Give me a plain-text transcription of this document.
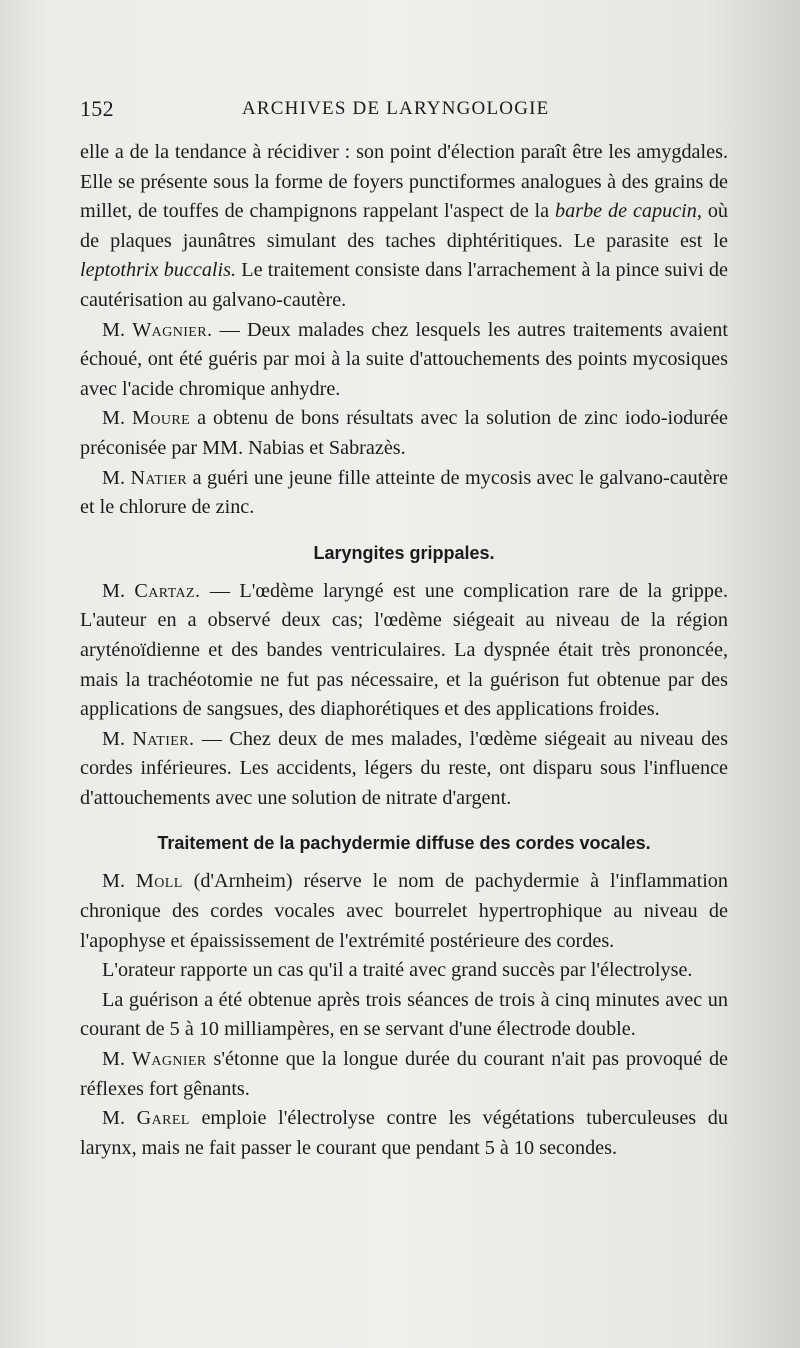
152	ARCHIVES DE LARYNGOLOGIE

elle a de la tendance à récidiver : son point d'élection paraît être les amygdales. Elle se présente sous la forme de foyers punctiformes analogues à des grains de millet, de touffes de champignons rappelant l'aspect de la barbe de capucin, où de plaques jaunâtres simulant des taches diphtéritiques. Le parasite est le leptothrix buccalis. Le traitement consiste dans l'arrachement à la pince suivi de cautérisation au galvano-cautère.

M. Wagnier. — Deux malades chez lesquels les autres traitements avaient échoué, ont été guéris par moi à la suite d'attouchements des points mycosiques avec l'acide chromique anhydre.

M. Moure a obtenu de bons résultats avec la solution de zinc iodo-iodurée préconisée par MM. Nabias et Sabrazès.

M. Natier a guéri une jeune fille atteinte de mycosis avec le galvano-cautère et le chlorure de zinc.

Laryngites grippales.

M. Cartaz. — L'œdème laryngé est une complication rare de la grippe. L'auteur en a observé deux cas; l'œdème siégeait au niveau de la région aryténoïdienne et des bandes ventriculaires. La dyspnée était très prononcée, mais la trachéotomie ne fut pas nécessaire, et la guérison fut obtenue par des applications de sangsues, des diaphorétiques et des applications froides.

M. Natier. — Chez deux de mes malades, l'œdème siégeait au niveau des cordes inférieures. Les accidents, légers du reste, ont disparu sous l'influence d'attouchements avec une solution de nitrate d'argent.

Traitement de la pachydermie diffuse des cordes vocales.

M. Moll (d'Arnheim) réserve le nom de pachydermie à l'inflammation chronique des cordes vocales avec bourrelet hypertrophique au niveau de l'apophyse et épaississement de l'extrémité postérieure des cordes.

L'orateur rapporte un cas qu'il a traité avec grand succès par l'électrolyse.

La guérison a été obtenue après trois séances de trois à cinq minutes avec un courant de 5 à 10 milliampères, en se servant d'une électrode double.

M. Wagnier s'étonne que la longue durée du courant n'ait pas provoqué de réflexes fort gênants.

M. Garel emploie l'électrolyse contre les végétations tuberculeuses du larynx, mais ne fait passer le courant que pendant 5 à 10 secondes.
